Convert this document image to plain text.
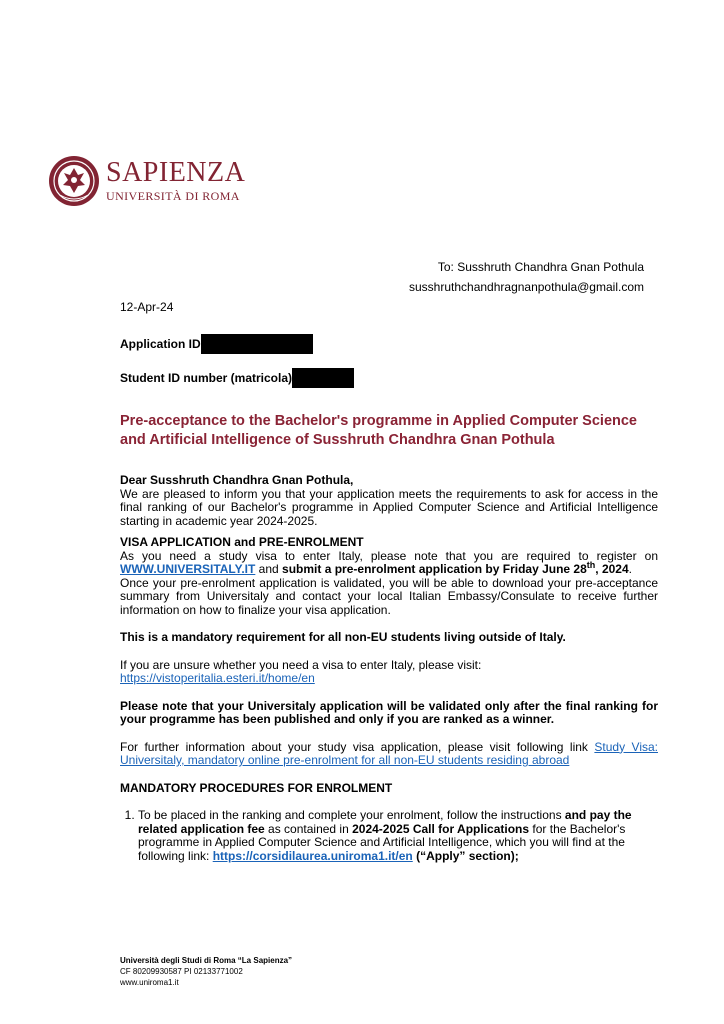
SAPIENZA
UNIVERSITÀ DI ROMA
To: Susshruth Chandhra Gnan Pothula
susshruthchandhragnanpothula@gmail.com
12-Apr-24
Application ID
Student ID number (matricola)
Pre-acceptance to the Bachelor's programme in Applied Computer Science and Artificial Intelligence of Susshruth Chandhra Gnan Pothula

Dear Susshruth Chandhra Gnan Pothula,

We are pleased to inform you that your application meets the requirements to ask for access in the final ranking of our Bachelor's programme in Applied Computer Science and Artificial Intelligence starting in academic year 2024-2025.

VISA APPLICATION and PRE-ENROLMENT

As you need a study visa to enter Italy, please note that you are required to register on WWW.UNIVERSITALY.IT and submit a pre-enrolment application by Friday June 28th, 2024.

Once your pre-enrolment application is validated, you will be able to download your pre-acceptance summary from Universitaly and contact your local Italian Embassy/Consulate to receive further information on how to finalize your visa application.

This is a mandatory requirement for all non-EU students living outside of Italy.

If you are unsure whether you need a visa to enter Italy, please visit:

https://vistoperitalia.esteri.it/home/en

Please note that your Universitaly application will be validated only after the final ranking for your programme has been published and only if you are ranked as a winner.

For further information about your study visa application, please visit following link Study Visa: Universitaly, mandatory online pre-enrolment for all non-EU students residing abroad

MANDATORY PROCEDURES FOR ENROLMENT

1. To be placed in the ranking and complete your enrolment, follow the instructions and pay the related application fee as contained in 2024-2025 Call for Applications for the Bachelor's programme in Applied Computer Science and Artificial Intelligence, which you will find at the following link: https://corsidilaurea.uniroma1.it/en (“Apply” section);
Università degli Studi di Roma “La Sapienza”
CF 80209930587 PI 02133771002
www.uniroma1.it
